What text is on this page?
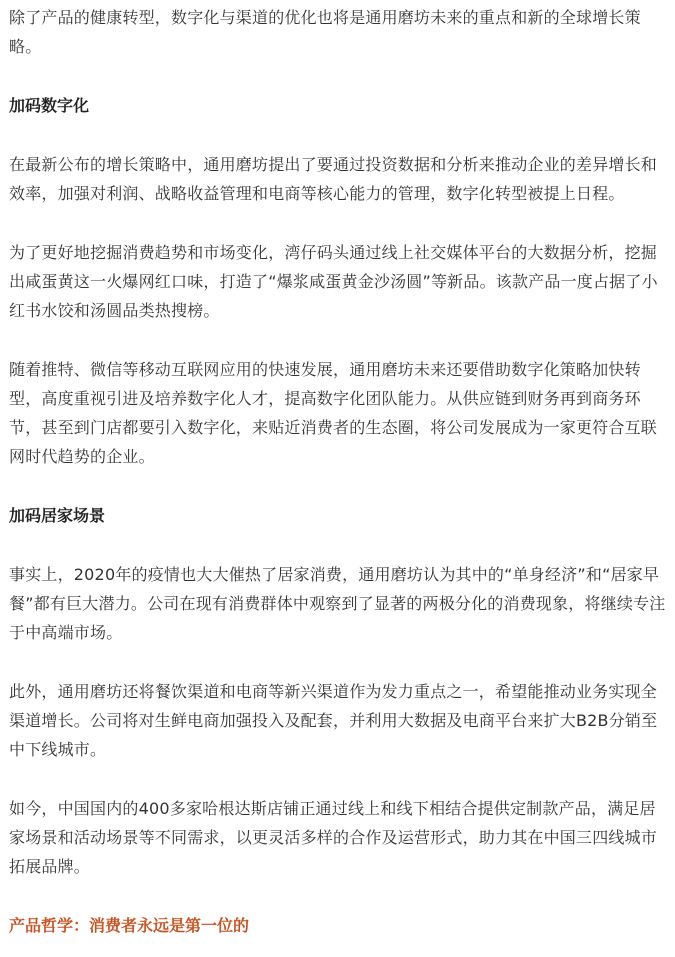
除了产品的健康转型，数字化与渠道的优化也将是通用磨坊未来的重点和新的全球增长策略。

加码数字化

在最新公布的增长策略中，通用磨坊提出了要通过投资数据和分析来推动企业的差异增长和效率，加强对利润、战略收益管理和电商等核心能力的管理，数字化转型被提上日程。

为了更好地挖掘消费趋势和市场变化，湾仔码头通过线上社交媒体平台的大数据分析，挖掘出咸蛋黄这一火爆网红口味，打造了“爆浆咸蛋黄金沙汤圆”等新品。该款产品一度占据了小红书水饺和汤圆品类热搜榜。

随着推特、微信等移动互联网应用的快速发展，通用磨坊未来还要借助数字化策略加快转型，高度重视引进及培养数字化人才，提高数字化团队能力。从供应链到财务再到商务环节，甚至到门店都要引入数字化，来贴近消费者的生态圈，将公司发展成为一家更符合互联网时代趋势的企业。

加码居家场景

事实上，2020年的疫情也大大催热了居家消费，通用磨坊认为其中的“单身经济”和“居家早餐”都有巨大潜力。公司在现有消费群体中观察到了显著的两极分化的消费现象，将继续专注于中高端市场。

此外，通用磨坊还将餐饮渠道和电商等新兴渠道作为发力重点之一，希望能推动业务实现全渠道增长。公司将对生鲜电商加强投入及配套，并利用大数据及电商平台来扩大B2B分销至中下线城市。

如今，中国国内的400多家哈根达斯店铺正通过线上和线下相结合提供定制款产品，满足居家场景和活动场景等不同需求，以更灵活多样的合作及运营形式，助力其在中国三四线城市拓展品牌。

产品哲学：消费者永远是第一位的
